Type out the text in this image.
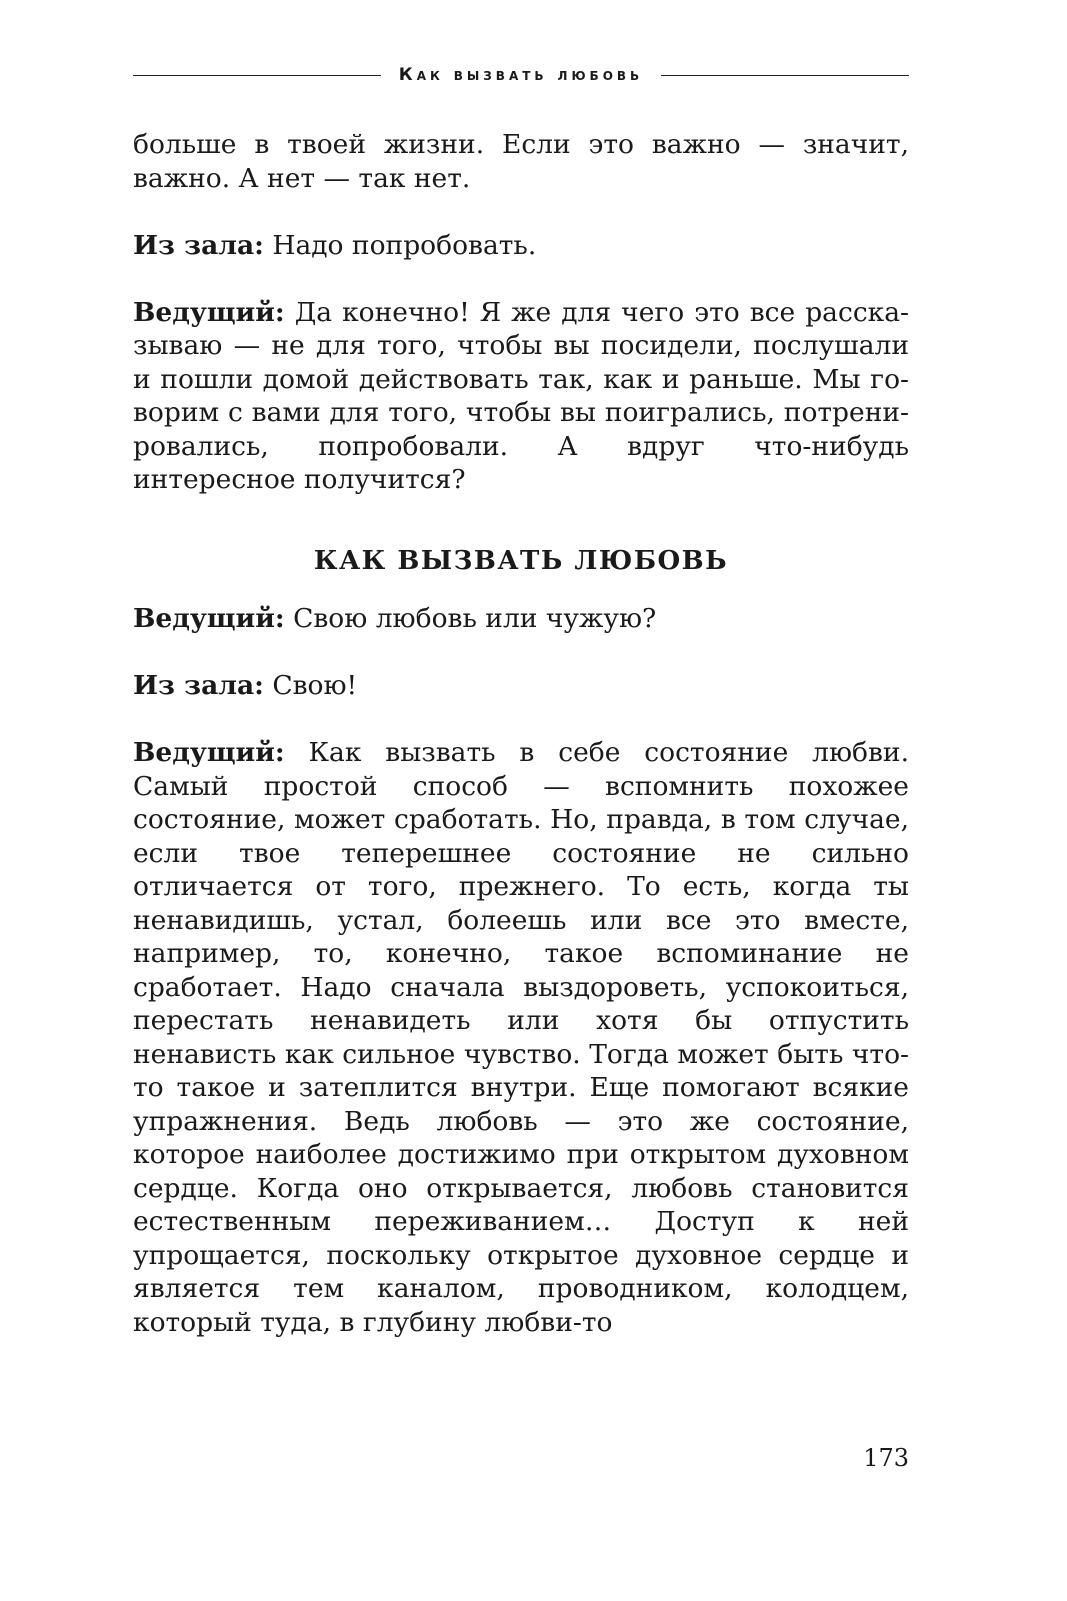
Как вызвать любовь

больше в твоей жизни. Если это важно — значит, важно. А нет — так нет.

Из зала: Надо попробовать.

Ведущий: Да конечно! Я же для чего это все рассказываю — не для того, чтобы вы посидели, послушали и пошли домой действовать так, как и раньше. Мы говорим с вами для того, чтобы вы поигрались, потренировались, попробовали. А вдруг что-нибудь интересное получится?

КАК ВЫЗВАТЬ ЛЮБОВЬ

Ведущий: Свою любовь или чужую?

Из зала: Свою!

Ведущий: Как вызвать в себе состояние любви. Самый простой способ — вспомнить похожее состояние, может сработать. Но, правда, в том случае, если твое теперешнее состояние не сильно отличается от того, прежнего. То есть, когда ты ненавидишь, устал, болеешь или все это вместе, например, то, конечно, такое вспоминание не сработает. Надо сначала выздороветь, успокоиться, перестать ненавидеть или хотя бы отпустить ненависть как сильное чувство. Тогда может быть что-то такое и затеплится внутри. Еще помогают всякие упражнения. Ведь любовь — это же состояние, которое наиболее достижимо при открытом духовном сердце. Когда оно открывается, любовь становится естественным переживанием… Доступ к ней упрощается, поскольку открытое духовное сердце и является тем каналом, проводником, колодцем, который туда, в глубину любви-то

173
